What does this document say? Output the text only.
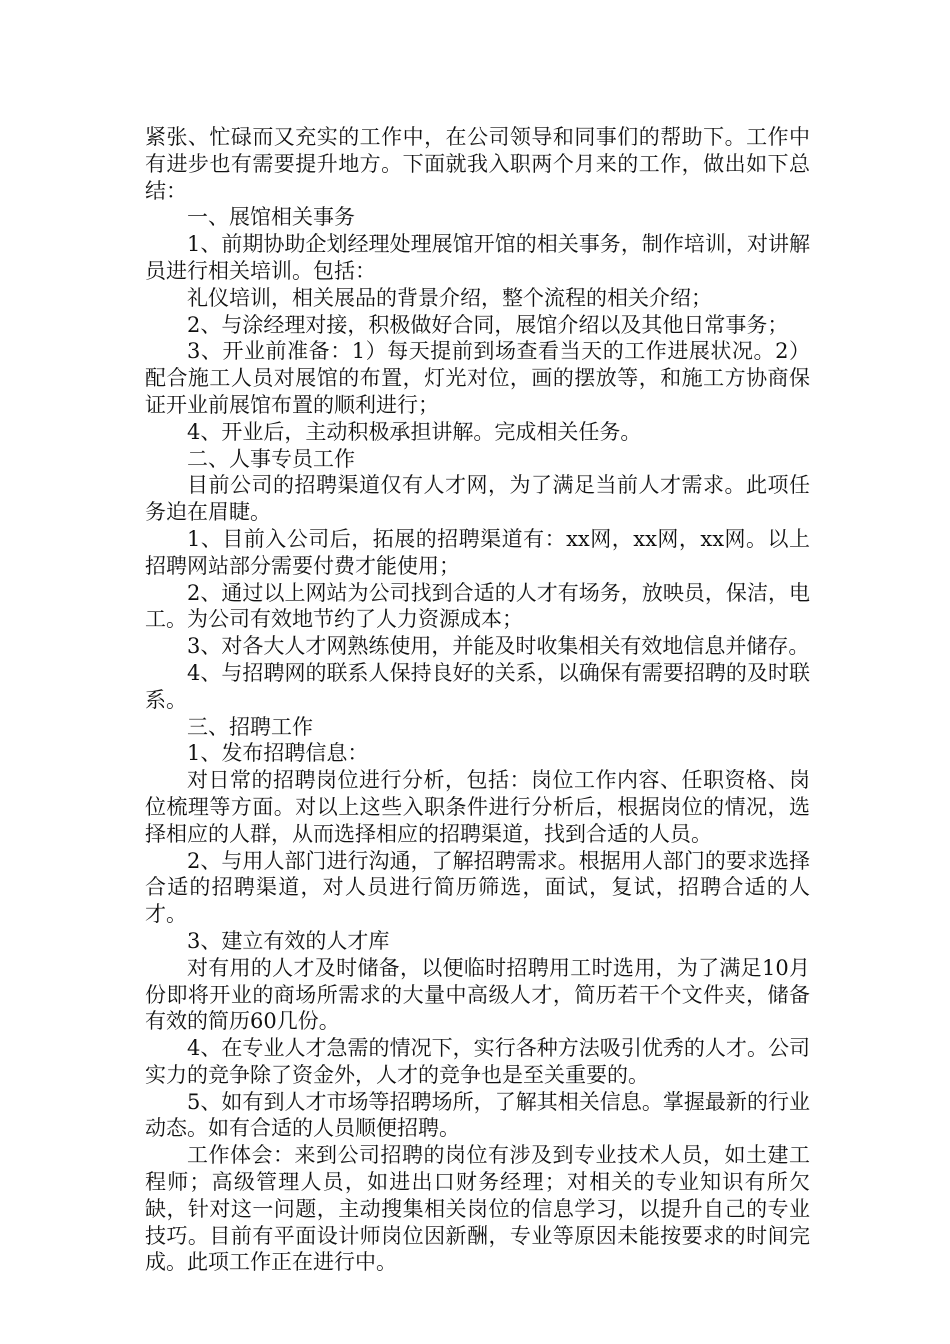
紧张、忙碌而又充实的工作中，在公司领导和同事们的帮助下。工作中有进步也有需要提升地方。下面就我入职两个月来的工作，做出如下总结：

一、展馆相关事务

1、前期协助企划经理处理展馆开馆的相关事务，制作培训，对讲解员进行相关培训。包括：

礼仪培训，相关展品的背景介绍，整个流程的相关介绍；

2、与涂经理对接，积极做好合同，展馆介绍以及其他日常事务；

3、开业前准备：1）每天提前到场查看当天的工作进展状况。2）配合施工人员对展馆的布置，灯光对位，画的摆放等，和施工方协商保证开业前展馆布置的顺利进行；

4、开业后，主动积极承担讲解。完成相关任务。

二、人事专员工作

目前公司的招聘渠道仅有人才网，为了满足当前人才需求。此项任务迫在眉睫。

1、目前入公司后，拓展的招聘渠道有：xx网，xx网，xx网。以上招聘网站部分需要付费才能使用；

2、通过以上网站为公司找到合适的人才有场务，放映员，保洁，电工。为公司有效地节约了人力资源成本；

3、对各大人才网熟练使用，并能及时收集相关有效地信息并储存。

4、与招聘网的联系人保持良好的关系，以确保有需要招聘的及时联系。

三、招聘工作

1、发布招聘信息：

对日常的招聘岗位进行分析，包括：岗位工作内容、任职资格、岗位梳理等方面。对以上这些入职条件进行分析后，根据岗位的情况，选择相应的人群，从而选择相应的招聘渠道，找到合适的人员。

2、与用人部门进行沟通，了解招聘需求。根据用人部门的要求选择合适的招聘渠道，对人员进行简历筛选，面试，复试，招聘合适的人才。

3、建立有效的人才库

对有用的人才及时储备，以便临时招聘用工时选用，为了满足10月份即将开业的商场所需求的大量中高级人才，简历若干个文件夹，储备有效的简历60几份。

4、在专业人才急需的情况下，实行各种方法吸引优秀的人才。公司实力的竞争除了资金外，人才的竞争也是至关重要的。

5、如有到人才市场等招聘场所，了解其相关信息。掌握最新的行业动态。如有合适的人员顺便招聘。

工作体会：来到公司招聘的岗位有涉及到专业技术人员，如土建工程师；高级管理人员，如进出口财务经理；对相关的专业知识有所欠缺，针对这一问题，主动搜集相关岗位的信息学习，以提升自己的专业技巧。目前有平面设计师岗位因新酬，专业等原因未能按要求的时间完成。此项工作正在进行中。
